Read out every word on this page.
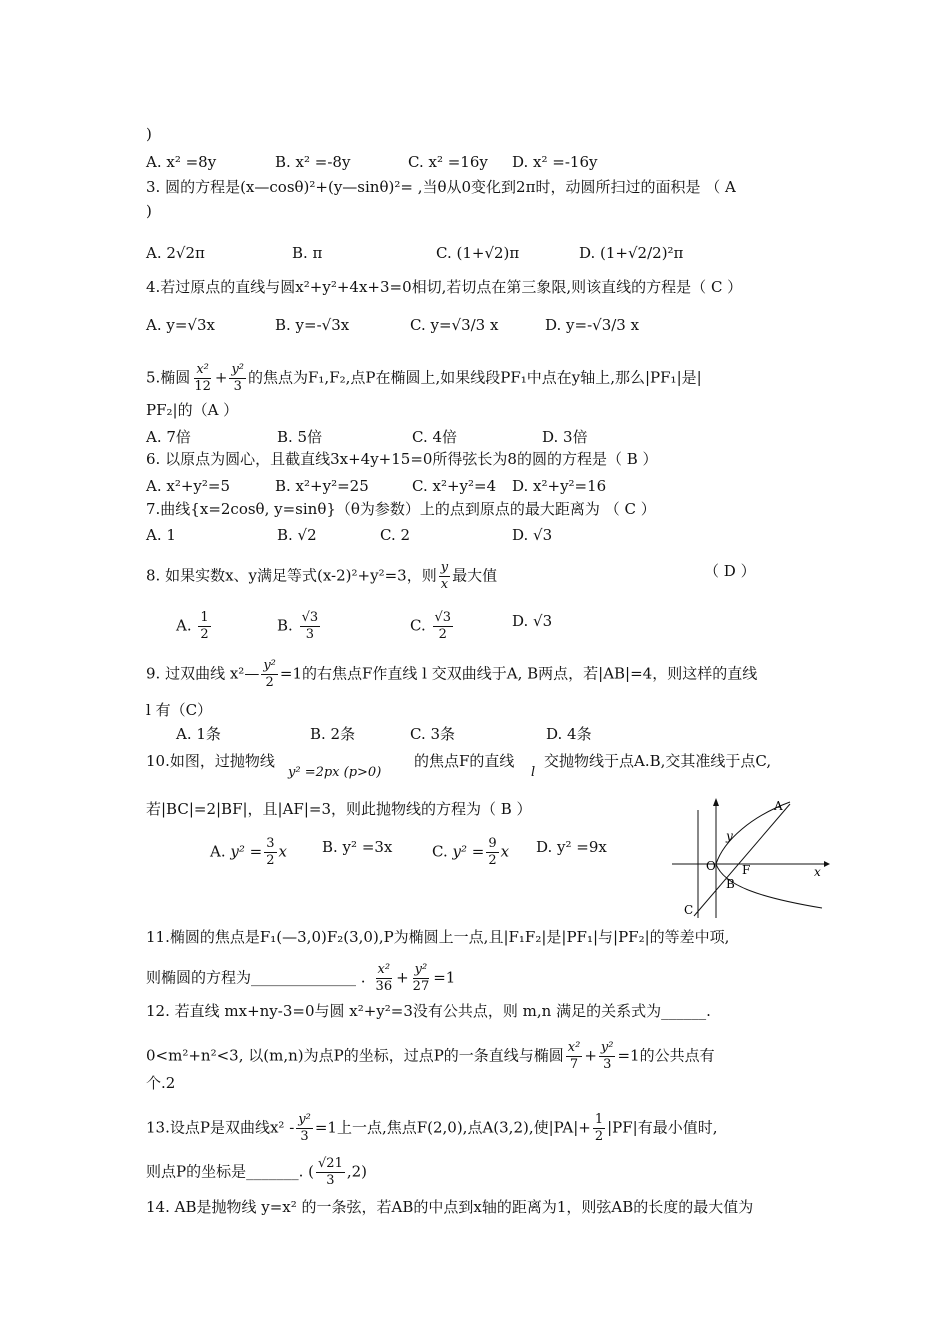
)
A. x² =8y	B. x² =-8y	C. x² =16y D. x² =-16y
3. 圆的方程是(x—cosθ)²+(y—sinθ)²= ,当θ从0变化到2π时，动圆所扫过的面积是 （ A
)
A. 2√2π	B. π	C. (1+√2)π	D. (1+√2/2)²π
4.若过原点的直线与圆x²+y²+4x+3=0相切,若切点在第三象限,则该直线的方程是（ C ）
A. y=√3x	B. y=-√3x	C. y=√3/3 x	D. y=-√3/3 x
5.椭圆 $\frac{\text{x²}}{12} + \frac{\text{y²}}{3}$ 的焦点为F₁,F₂,点P在椭圆上,如果线段PF₁中点在y轴上,那么|PF₁|是|
PF₂|的（A ）
A. 7倍	B. 5倍	C. 4倍	D. 3倍
6. 以原点为圆心，且截直线3x+4y+15=0所得弦长为8的圆的方程是（ B ）
A. x²+y²=5	B. x²+y²=25	C. x²+y²=4 D. x²+y²=16
7.曲线{x=2cosθ, y=sinθ}（θ为参数）上的点到原点的最大距离为 （ C ）
A. 1	B. √2	C. 2	D. √3
8. 如果实数x、y满足等式(x-2)²+y²=3，则 $\frac{y}{x}$ 最大值	（ D ）
A. $\frac{1}{2}$	B. $\frac{√3}{3}$	C. $\frac{√3}{2}$	D. √3
9. 过双曲线 x²— $\frac{\text{y²}}{2} =1$的右焦点F作直线 l 交双曲线于A, B两点，若|AB|=4，则这样的直线
l 有（C）
A. 1条	B. 2条	C. 3条	D. 4条
10.如图，过抛物线
y² =2px (p>0)
的焦点F的直线
l
交抛物线于点A.B,交其准线于点C,
若|BC|=2|BF|，且|AF|=3，则此抛物线的方程为（ B ）
A. $y^2 = \frac{3}{2}$ x B. y² =3x	C. $y^2 = \frac{9}{2}$ x D. y² =9x
y
A
O F	x
B
C
11.椭圆的焦点是F₁(—3,0)F₂(3,0),P为椭圆上一点,且|F₁F₂|是|PF₁|与|PF₂|的等差中项,
则椭圆的方程为______________ . $\frac{\text{x²}}{36} + \frac{\text{y²}}{27} =1$
12. 若直线 mx+ny-3=0与圆 x²+y²=3没有公共点，则 m,n 满足的关系式为______.
0<m²+n²<3, 以(m,n)为点P的坐标，过点P的一条直线与椭圆 $\frac{\text{x²}}{7} + \frac{\text{y²}}{3} =1$的公共点有
个.2
13.设点P是双曲线$x^2 - \frac{\text{y²}}{3} =1$上一点,焦点F(2,0),点A(3,2),使$|PA|+ \frac{1}{2} |PF|$有最小值时,
则点P的坐标是_______. ( $\frac{√21}{3} ,2$)
14. AB是抛物线 y=x² 的一条弦，若AB的中点到x轴的距离为1，则弦AB的长度的最大值为
